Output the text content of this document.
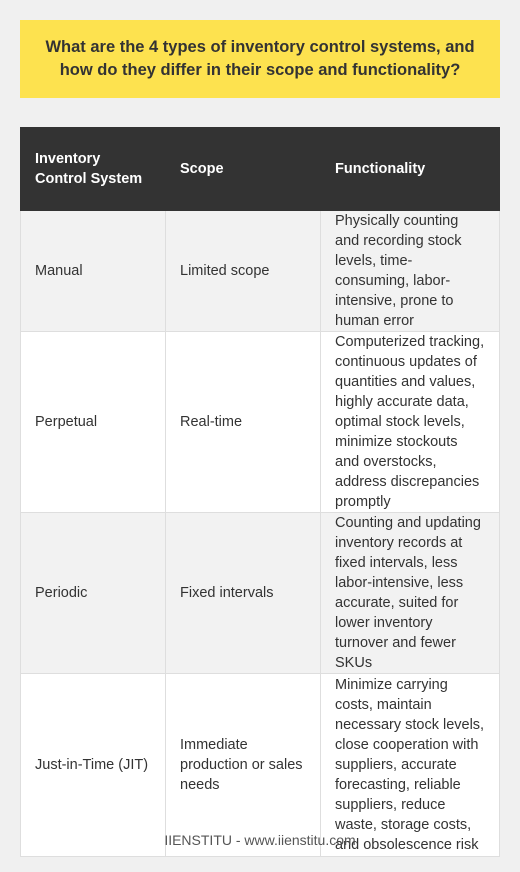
What are the 4 types of inventory control systems, and how do they differ in their scope and functionality?
Inventory Control System	Scope	Functionality
Manual	Limited scope	Physically counting and recording stock levels, time-consuming, labor-intensive, prone to human error
Perpetual	Real-time	Computerized tracking, continuous updates of quantities and values, highly accurate data, optimal stock levels, minimize stockouts and overstocks, address discrepancies promptly
Periodic	Fixed intervals	Counting and updating inventory records at fixed intervals, less labor-intensive, less accurate, suited for lower inventory turnover and fewer SKUs
Just-in-Time (JIT)	Immediate production or sales needs	Minimize carrying costs, maintain necessary stock levels, close cooperation with suppliers, accurate forecasting, reliable suppliers, reduce waste, storage costs, and obsolescence risk
IIENSTITU - www.iienstitu.com
